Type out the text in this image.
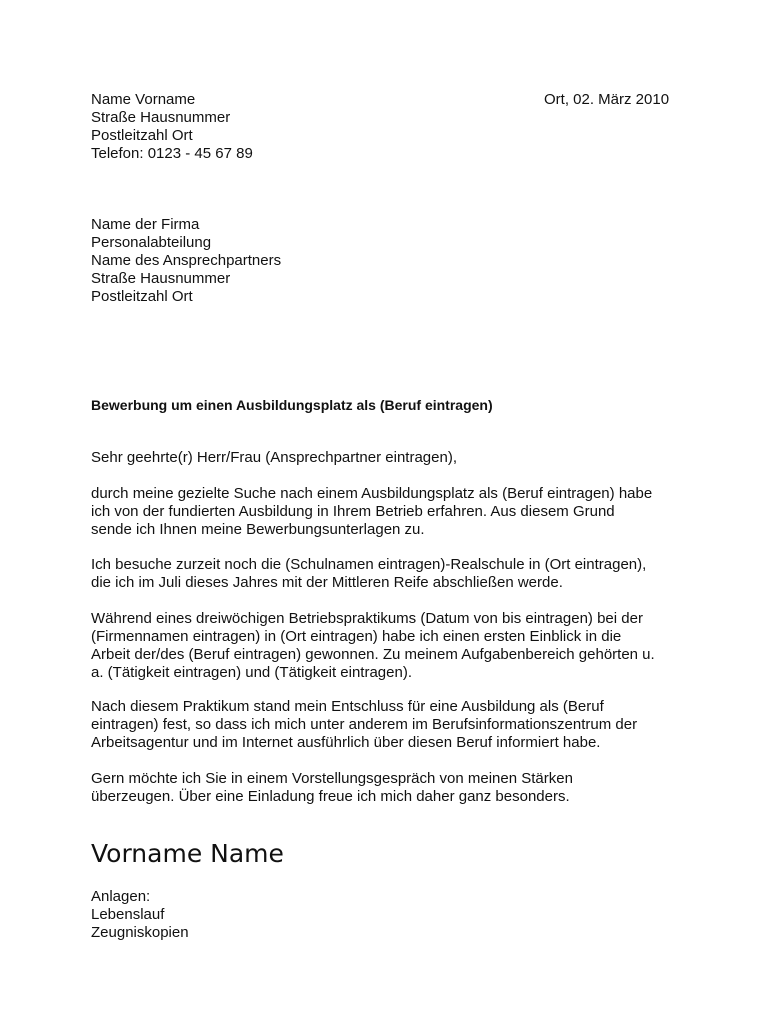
Name Vorname
Straße Hausnummer
Postleitzahl Ort
Telefon: 0123 - 45 67 89
Ort, 02. März 2010
Name der Firma
Personalabteilung
Name des Ansprechpartners
Straße Hausnummer
Postleitzahl Ort
Bewerbung um einen Ausbildungsplatz als (Beruf eintragen)
Sehr geehrte(r) Herr/Frau (Ansprechpartner eintragen),
durch meine gezielte Suche nach einem Ausbildungsplatz als (Beruf eintragen) habe
ich von der fundierten Ausbildung in Ihrem Betrieb erfahren. Aus diesem Grund
sende ich Ihnen meine Bewerbungsunterlagen zu.
Ich besuche zurzeit noch die (Schulnamen eintragen)-Realschule in (Ort eintragen),
die ich im Juli dieses Jahres mit der Mittleren Reife abschließen werde.
Während eines dreiwöchigen Betriebspraktikums (Datum von bis eintragen) bei der
(Firmennamen eintragen) in (Ort eintragen) habe ich einen ersten Einblick in die
Arbeit der/des (Beruf eintragen) gewonnen. Zu meinem Aufgabenbereich gehörten u.
a. (Tätigkeit eintragen) und (Tätigkeit eintragen).
Nach diesem Praktikum stand mein Entschluss für eine Ausbildung als (Beruf
eintragen) fest, so dass ich mich unter anderem im Berufsinformationszentrum der
Arbeitsagentur und im Internet ausführlich über diesen Beruf informiert habe.
Gern möchte ich Sie in einem Vorstellungsgespräch von meinen Stärken
überzeugen. Über eine Einladung freue ich mich daher ganz besonders.
Vorname Name
Anlagen:
Lebenslauf
Zeugniskopien
